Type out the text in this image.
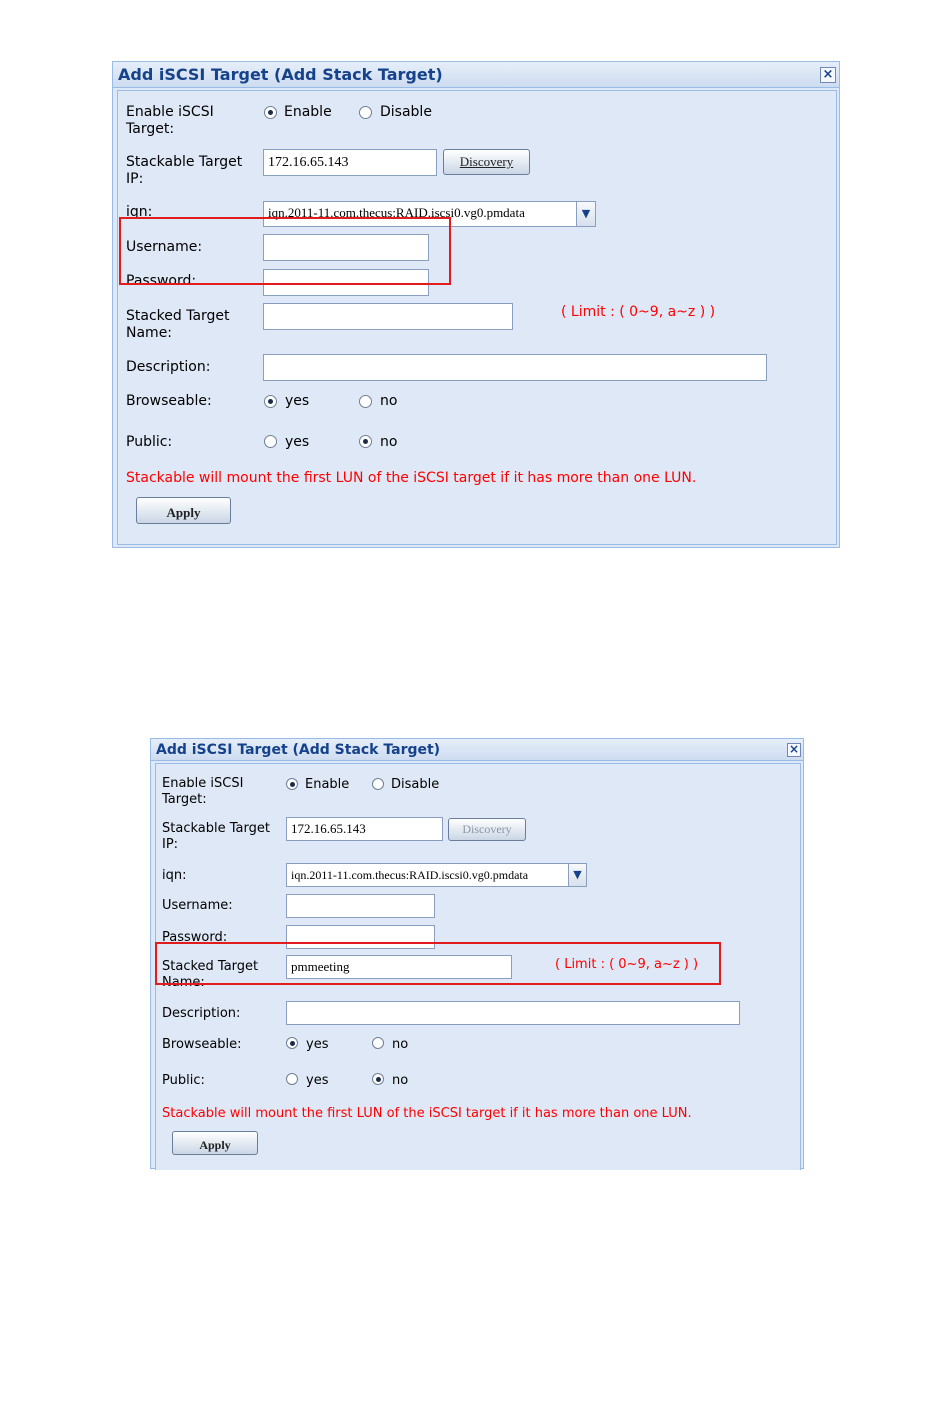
Add iSCSI Target (Add Stack Target)	×
Enable iSCSI Target:
Enable	Disable
Stackable Target IP:
172.16.65.143	Discovery
iqn:	iqn.2011-11.com.thecus:RAID.iscsi0.vg0.pmdata	▼
Username:
Password:
Stacked Target Name:
( Limit : ( 0~9, a~z ) )
Description:
Browseable:	yes	no
Public:	yes	no
Stackable will mount the first LUN of the iSCSI target if it has more than one LUN.
Apply
Add iSCSI Target (Add Stack Target)	×
Enable iSCSI Target:
Enable	Disable
Stackable Target IP:
172.16.65.143	Discovery
iqn:	iqn.2011-11.com.thecus:RAID.iscsi0.vg0.pmdata	▼
Username:
Password:
Stacked Target Name:
pmmeeting	( Limit : ( 0~9, a~z ) )
Description:
Browseable:	yes	no
Public:	yes	no
Stackable will mount the first LUN of the iSCSI target if it has more than one LUN.
Apply
